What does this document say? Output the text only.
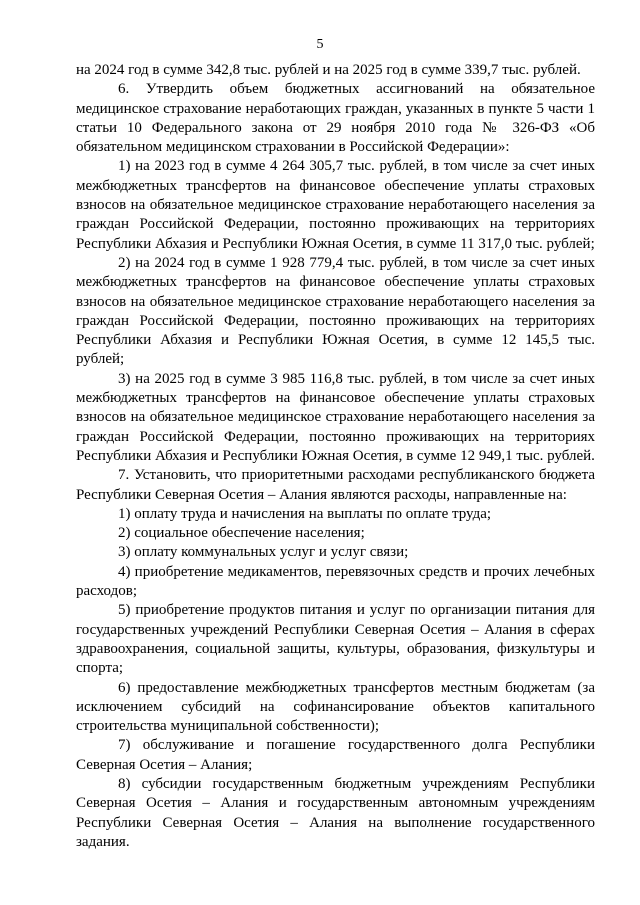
5

на 2024 год в сумме 342,8 тыс. рублей и на 2025 год в сумме 339,7 тыс. рублей.

6. Утвердить объем бюджетных ассигнований на обязательное медицинское страхование неработающих граждан, указанных в пункте 5 части 1 статьи 10 Федерального закона от 29 ноября 2010 года № 326-ФЗ «Об обязательном медицинском страховании в Российской Федерации»:

1) на 2023 год в сумме 4 264 305,7 тыс. рублей, в том числе за счет иных межбюджетных трансфертов на финансовое обеспечение уплаты страховых взносов на обязательное медицинское страхование неработающего населения за граждан Российской Федерации, постоянно проживающих на территориях Республики Абхазия и Республики Южная Осетия, в сумме 11 317,0 тыс. рублей;

2) на 2024 год в сумме 1 928 779,4 тыс. рублей, в том числе за счет иных межбюджетных трансфертов на финансовое обеспечение уплаты страховых взносов на обязательное медицинское страхование неработающего населения за граждан Российской Федерации, постоянно проживающих на территориях Республики Абхазия и Республики Южная Осетия, в сумме 12 145,5 тыс. рублей;

3) на 2025 год в сумме 3 985 116,8 тыс. рублей, в том числе за счет иных межбюджетных трансфертов на финансовое обеспечение уплаты страховых взносов на обязательное медицинское страхование неработающего населения за граждан Российской Федерации, постоянно проживающих на территориях Республики Абхазия и Республики Южная Осетия, в сумме 12 949,1 тыс. рублей.

7. Установить, что приоритетными расходами республиканского бюджета Республики Северная Осетия – Алания являются расходы, направленные на:

1) оплату труда и начисления на выплаты по оплате труда;

2) социальное обеспечение населения;

3) оплату коммунальных услуг и услуг связи;

4) приобретение медикаментов, перевязочных средств и прочих лечебных расходов;

5) приобретение продуктов питания и услуг по организации питания для государственных учреждений Республики Северная Осетия – Алания в сферах здравоохранения, социальной защиты, культуры, образования, физкультуры и спорта;

6) предоставление межбюджетных трансфертов местным бюджетам (за исключением субсидий на софинансирование объектов капитального строительства муниципальной собственности);

7) обслуживание и погашение государственного долга Республики Северная Осетия – Алания;

8) субсидии государственным бюджетным учреждениям Республики Северная Осетия – Алания и государственным автономным учреждениям Республики Северная Осетия – Алания на выполнение государственного задания.
